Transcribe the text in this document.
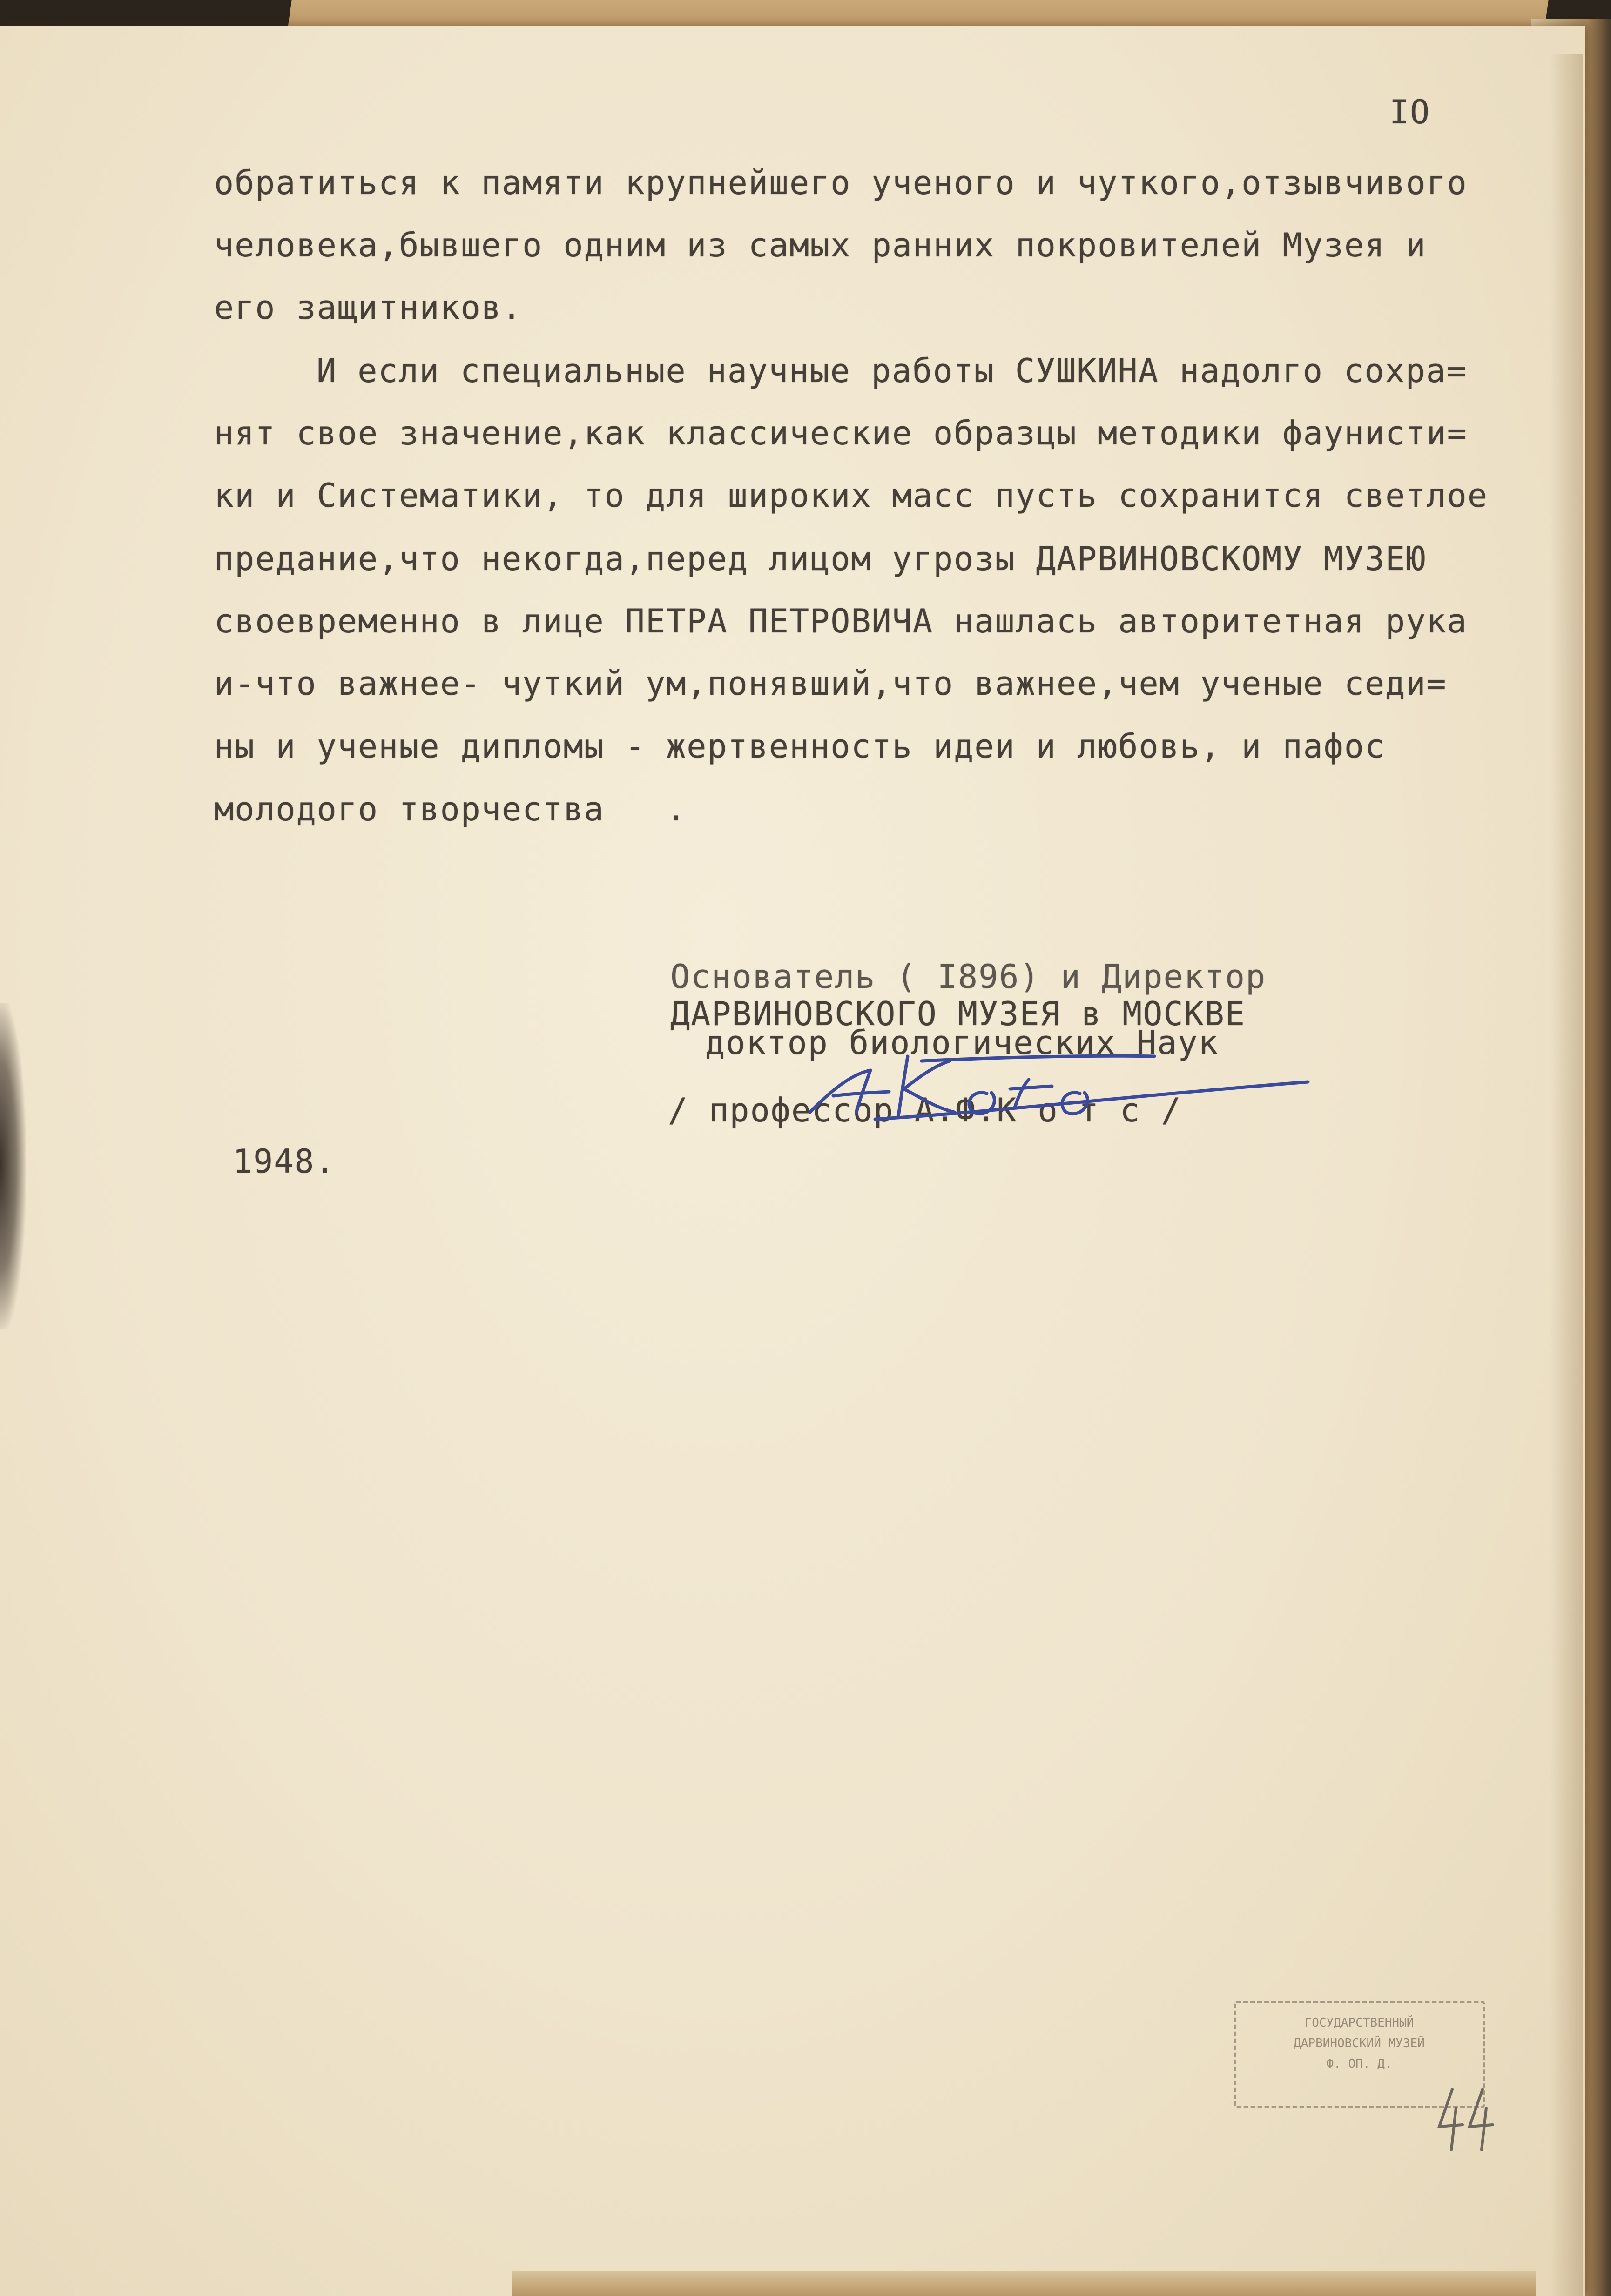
IO
обратиться к памяти крупнейшего ученого и чуткого,отзывчивого
человека,бывшего одним из самых ранних покровителей Музея и
его защитников.
И если специальные научные работы СУШКИНА надолго сохра=
нят свое значение,как классические образцы методики фаунисти=
ки и Систематики, то для широких масс пусть сохранится светлое
предание,что некогда,перед лицом угрозы ДАРВИНОВСКОМУ МУЗЕЮ
своевременно в лице ПЕТРА ПЕТРОВИЧА нашлась авторитетная рука
и-что важнее- чуткий ум,понявший,что важнее,чем ученые седи=
ны и ученые дипломы - жертвенность идеи и любовь, и пафос
молодого творчества   .
Основатель ( I896) и Директор
ДАРВИНОВСКОГО МУЗЕЯ в МОСКВЕ
доктор биологических Наук
/ профессор А.Ф.К о т с /
1948.
ГОСУДАРСТВЕННЫЙ
ДАРВИНОВСКИЙ МУЗЕЙ
Ф. ОП. Д.
